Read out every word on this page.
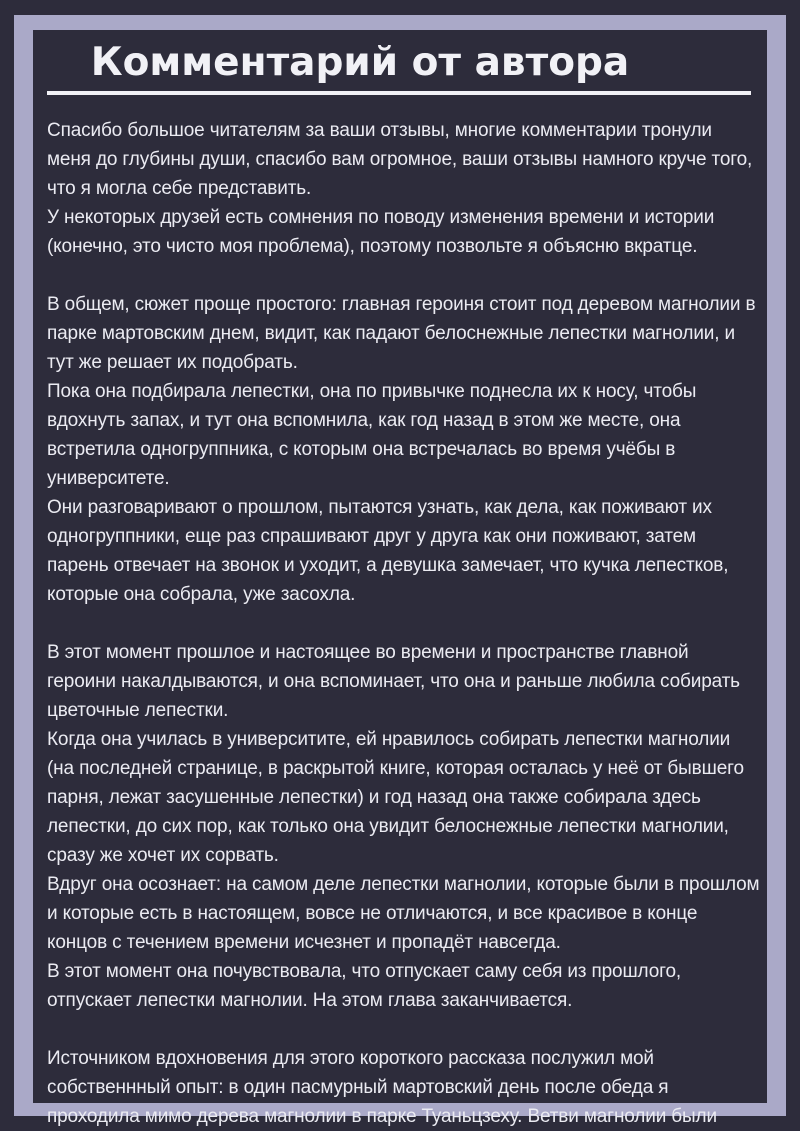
Комментарий от автора

Спасибо большое читателям за ваши отзывы, многие комментарии тронули меня до глубины души, спасибо вам огромное, ваши отзывы намного круче того, что я могла себе представить.

У некоторых друзей есть сомнения по поводу изменения времени и истории (конечно, это чисто моя проблема), поэтому позвольте я объясню вкратце.

В общем, сюжет проще простого: главная героиня стоит под деревом магнолии в парке мартовским днем, видит, как падают белоснежные лепестки магнолии, и тут же решает их подобрать.

Пока она подбирала лепестки, она по привычке поднесла их к носу, чтобы вдохнуть запах, и тут она вспомнила, как год назад в этом же месте, она встретила одногруппника, с которым она встречалась во время учёбы в университете.

Они разговаривают о прошлом, пытаются узнать, как дела, как поживают их одногруппники, еще раз спрашивают друг у друга как они поживают, затем парень отвечает на звонок и уходит, а девушка замечает, что кучка лепестков, которые она собрала, уже засохла.

В этот момент прошлое и настоящее во времени и пространстве главной героини накалдываются, и она вспоминает, что она и раньше любила собирать цветочные лепестки.

Когда она училась в университите, ей нравилось собирать лепестки магнолии (на последней странице, в раскрытой книге, которая осталась у неё от бывшего парня, лежат засушенные лепестки) и год назад она также собирала здесь лепестки, до сих пор, как только она увидит белоснежные лепестки магнолии, сразу же хочет их сорвать.

Вдруг она осознает: на самом деле лепестки магнолии, которые были в прошлом и которые есть в настоящем, вовсе не отличаются, и все красивое в конце концов с течением времени исчезнет и пропадёт навсегда.

В этот момент она почувствовала, что отпускает саму себя из прошлого, отпускает лепестки магнолии. На этом глава заканчивается.

Источником вдохновения для этого короткого рассказа послужил мой собственнный опыт: в один пасмурный мартовский день после обеда я проходила мимо дерева магнолии в парке Туаньцзеху. Ветви магнолии были
